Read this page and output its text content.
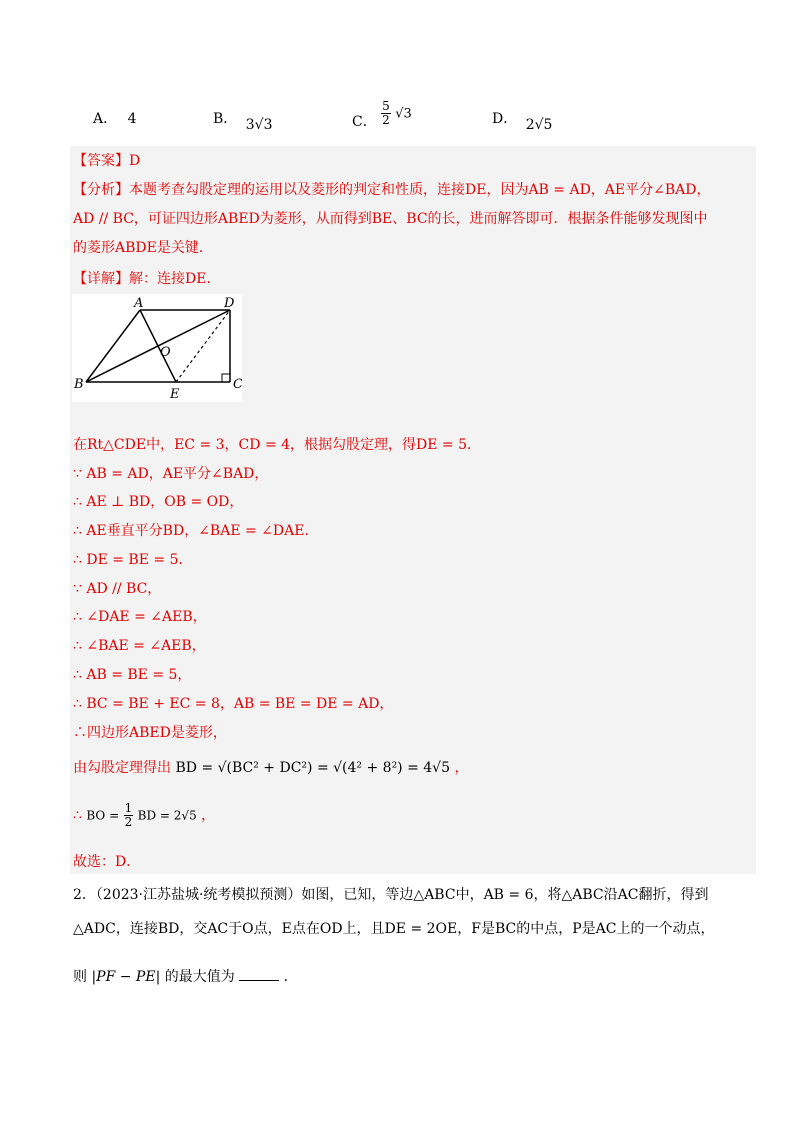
A． 4	B． 3√3	C． $\frac{5}{2} √3$	D． 2√5
【答案】D
【分析】本题考查勾股定理的运用以及菱形的判定和性质，连接DE，因为AB = AD，AE平分∠BAD，
AD // BC，可证四边形ABED为菱形，从而得到BE、BC的长，进而解答即可．根据条件能够发现图中
的菱形ABDE是关键．
【详解】解：连接DE．
A	D
O
B
E
C
在Rt△CDE中，EC = 3，CD = 4，根据勾股定理，得DE = 5．
∵ AB = AD，AE平分∠BAD，
∴ AE ⊥ BD，OB = OD，
∴ AE垂直平分BD，∠BAE = ∠DAE．
∴ DE = BE = 5．
∵ AD // BC，
∴ ∠DAE = ∠AEB，
∴ ∠BAE = ∠AEB，
∴ AB = BE = 5，
∴ BC = BE + EC = 8，AB = BE = DE = AD，
∴四边形ABED是菱形，
由勾股定理得出 BD = √(BC² + DC²) = √(4² + 8²) = 4√5 ，
∴ BO = $\frac{1}{2}$ BD = 2√5 ，
故选：D．
2．（2023·江苏盐城·统考模拟预测）如图，已知，等边△ABC中，AB = 6，将△ABC沿AC翻折，得到
△ADC，连接BD，交AC于O点，E点在OD上，且DE = 2OE，F是BC的中点，P是AC上的一个动点，
则 |PF − PE| 的最大值为	．
